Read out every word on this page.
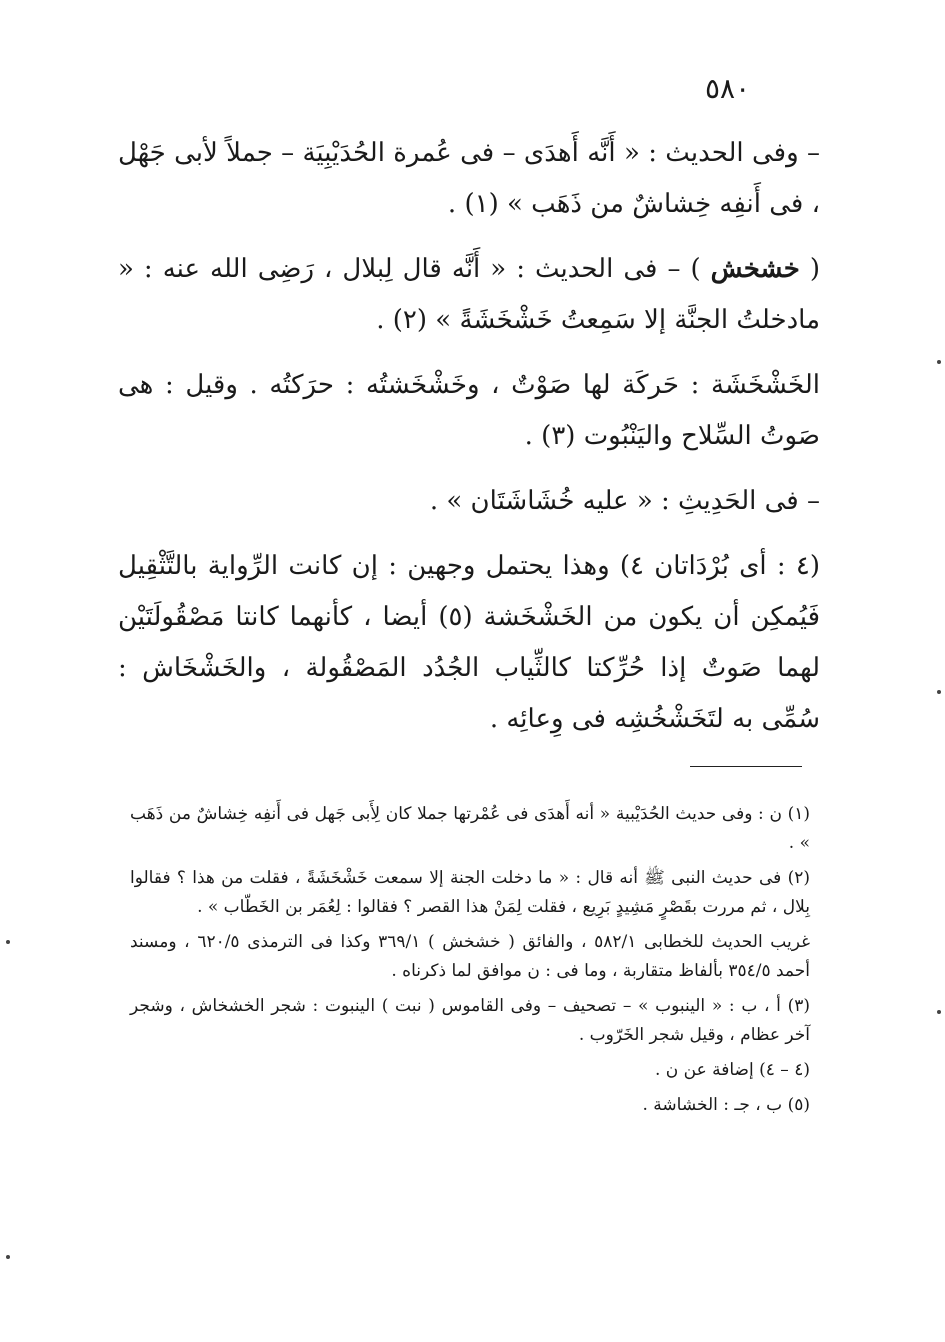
٥٨٠

– وفى الحديث : « أَنَّه أَهدَى – فى عُمرة الحُدَيْبِيَة – جملاً لأبى جَهْل ، فى أَنفِه خِشاشٌ من ذَهَب » (١) .

( خشخش ) – فى الحديث : « أَنَّه قال لِبلال ، رَضِى الله عنه : « مادخلتُ الجنَّة إلا سَمِعتُ خَشْخَشَةً » (٢) .

الخَشْخَشَة : حَركَة لها صَوْتٌ ، وخَشْخَشتُه : حرَكتُه . وقيل : هى صَوتُ السِّلاح واليَنْبُوت (٣) .

– فى الحَدِيثِ : « عليه خُشَاشَتَان » .

(٤ : أى بُرْدَاتان ٤) وهذا يحتمل وجهين : إن كانت الرِّواية بالتَّثْقِيل فَيُمكِن أن يكون من الخَشْخَشة (٥) أيضا ، كأنهما كانتا مَصْقُولَتَيْن لهما صَوتٌ إذا حُرِّكتا كالثِّياب الجُدُد المَصْقُولة ، والخَشْخَاش : سُمِّى به لتَخَشْخُشِه فى وِعائِه .

(١) ن : وفى حديث الحُدَيْبية « أنه أَهدَى فى عُمْرتها جملا كان لِأَبى جَهل فى أَنفِه خِشاشٌ من ذَهَب » .

(٢) فى حديث النبى ﷺ أنه قال : « ما دخلت الجنة إلا سمعت خَشْخَشَةً ، فقلت من هذا ؟ فقالوا بِلال ، ثم مررت بقَصْرٍ مَشِيدٍ بَرِيع ، فقلت لِمَنْ هذا القصر ؟ فقالوا : لِعُمَر بن الخَطّاب » .

غريب الحديث للخطابى ٥٨٢/١ ، والفائق ( خشخش ) ٣٦٩/١ وكذا فى الترمذى ٦٢٠/٥ ، ومسند أحمد ٣٥٤/٥ بألفاظ متقاربة ، وما فى : ن موافق لما ذكرناه .

(٣) أ ، ب : « الينبوب » – تصحيف – وفى القاموس ( نبت ) الينبوت : شجر الخشخاش ، وشجر آخر عظام ، وقيل شجر الخَرّوب .

(٤ – ٤) إضافة عن ن .

(٥) ب ، جـ : الخشاشة .
